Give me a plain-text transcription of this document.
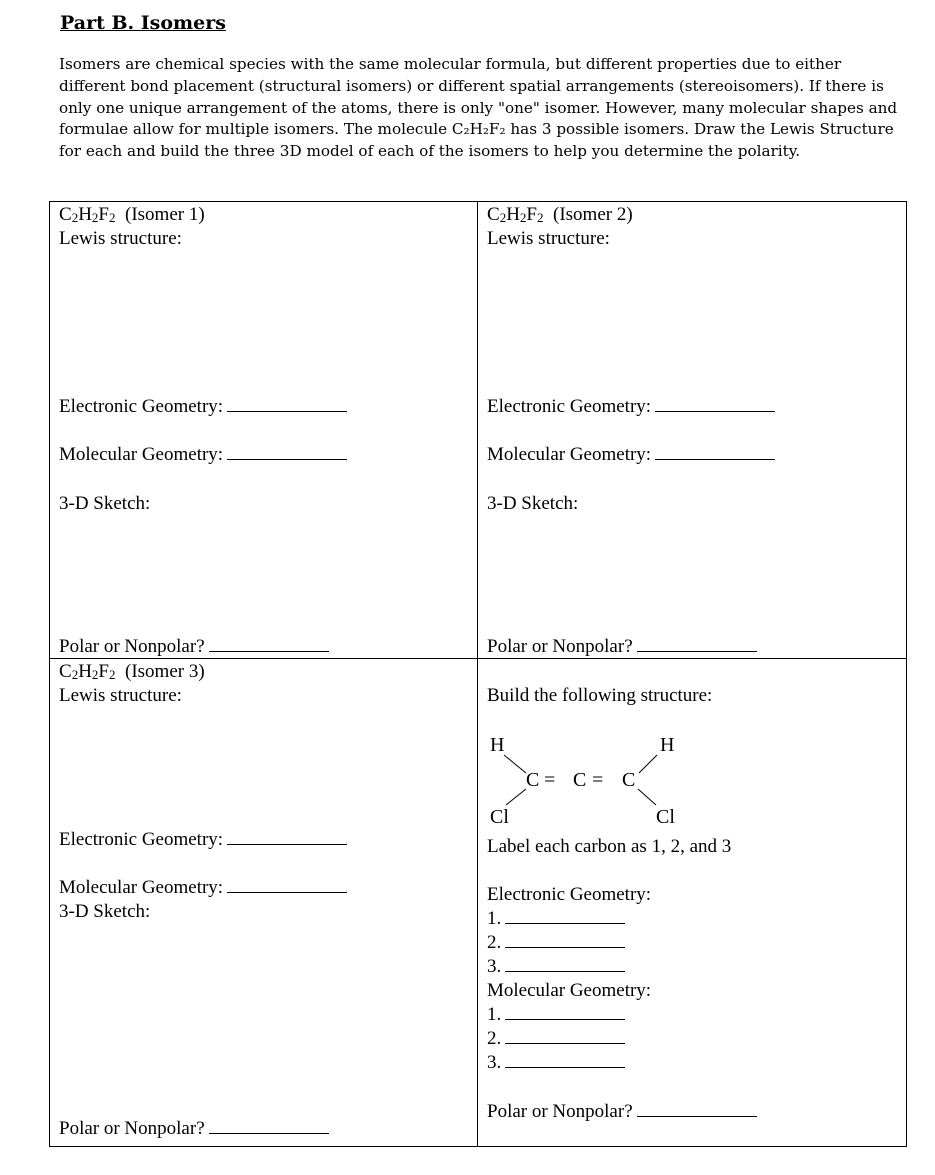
Part B. Isomers
Isomers are chemical species with the same molecular formula, but different properties due to either different bond placement (structural isomers) or different spatial arrangements (stereoisomers). If there is only one unique arrangement of the atoms, there is only "one" isomer. However, many molecular shapes and formulae allow for multiple isomers. The molecule C₂H₂F₂ has 3 possible isomers. Draw the Lewis Structure for each and build the three 3D model of each of the isomers to help you determine the polarity.
$C_2H_2F_2$ (Isomer 1)
Lewis structure:
Electronic Geometry:
Molecular Geometry:
3-D Sketch:
Polar or Nonpolar?
$C_2H_2F_2$ (Isomer 2)
Lewis structure:
Electronic Geometry:
Molecular Geometry:
3-D Sketch:
Polar or Nonpolar?
$C_2H_2F_2$ (Isomer 3)
Lewis structure:
Electronic Geometry:
Molecular Geometry:
3-D Sketch:
Polar or Nonpolar?
Build the following structure:
H	H
C = C = C
Cl	Cl
Label each carbon as 1, 2, and 3
Electronic Geometry:
1.
2.
3.
Molecular Geometry:
1.
2.
3.
Polar or Nonpolar?
